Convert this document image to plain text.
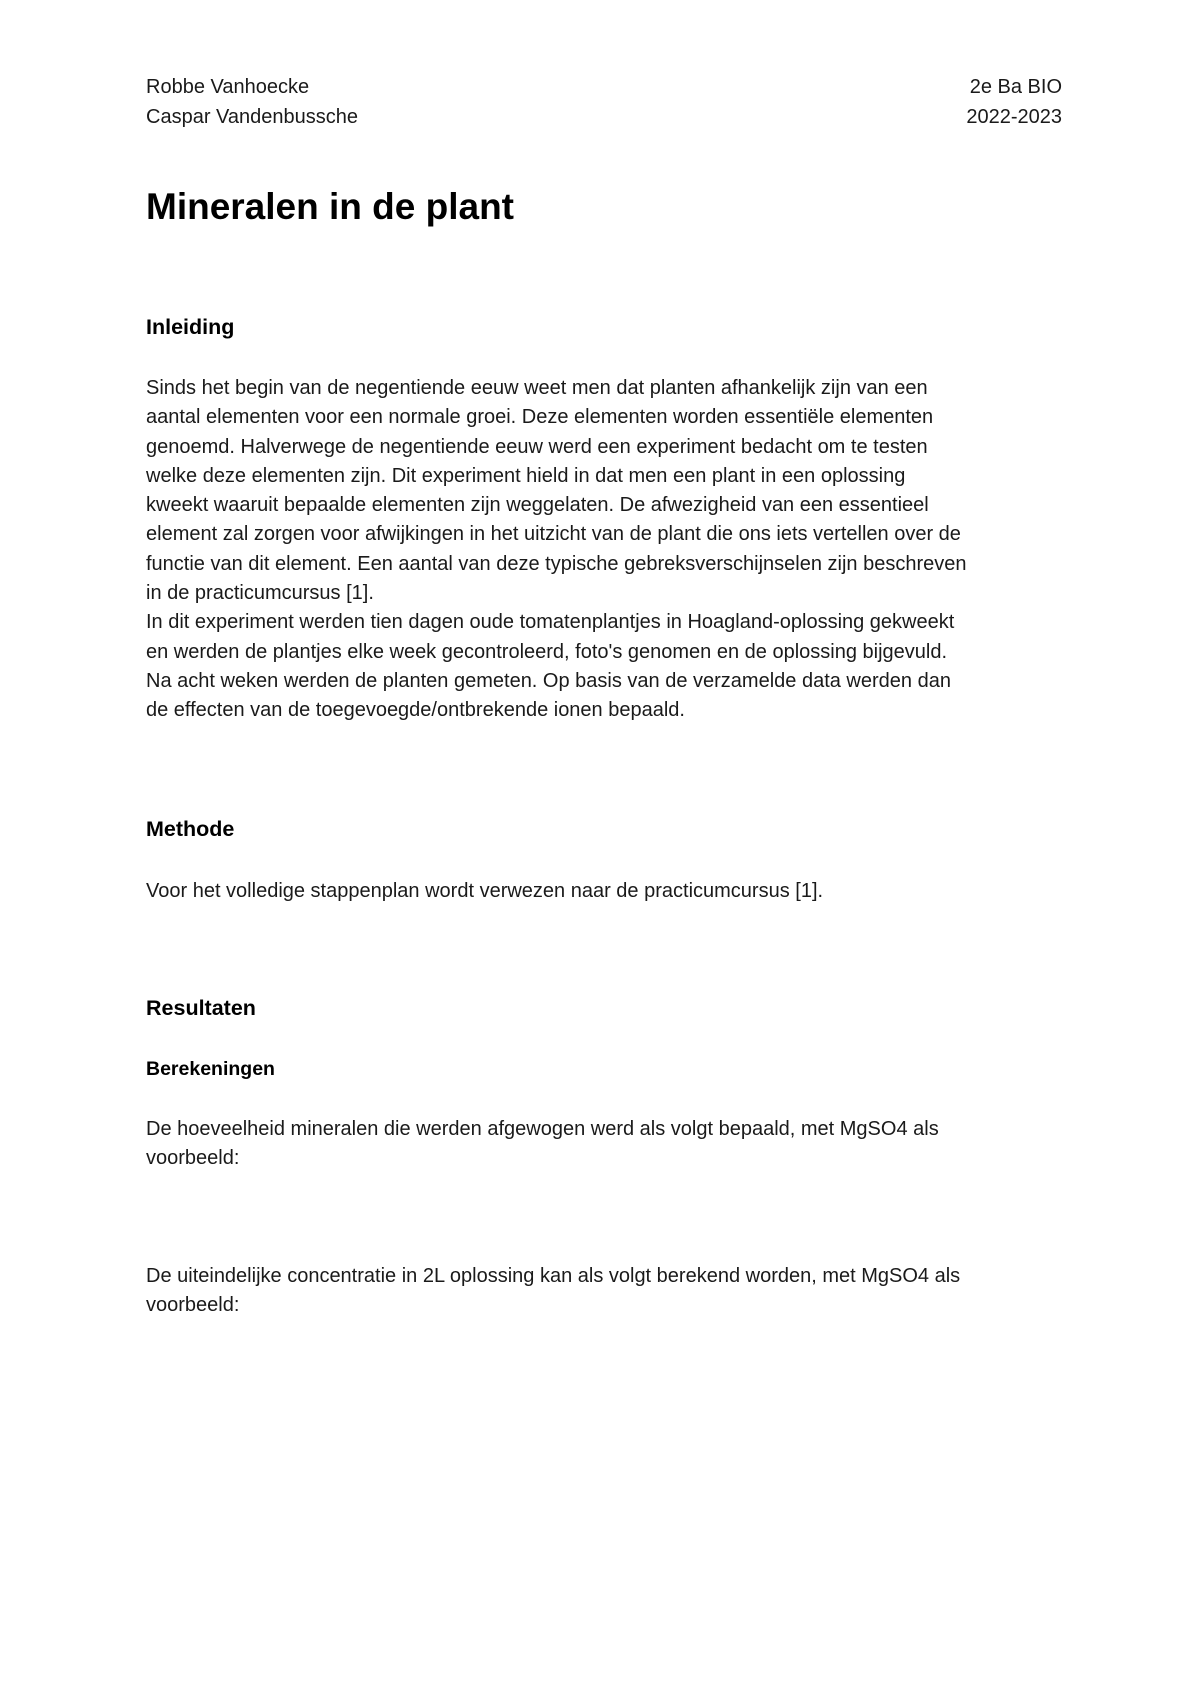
Robbe Vanhoecke
Caspar Vandenbussche
2e Ba BIO
2022-2023
Mineralen in de plant
Inleiding
Sinds het begin van de negentiende eeuw weet men dat planten afhankelijk zijn van een
aantal elementen voor een normale groei. Deze elementen worden essentiële elementen
genoemd. Halverwege de negentiende eeuw werd een experiment bedacht om te testen
welke deze elementen zijn. Dit experiment hield in dat men een plant in een oplossing
kweekt waaruit bepaalde elementen zijn weggelaten. De afwezigheid van een essentieel
element zal zorgen voor afwijkingen in het uitzicht van de plant die ons iets vertellen over de
functie van dit element. Een aantal van deze typische gebreksverschijnselen zijn beschreven
in de practicumcursus [1].
In dit experiment werden tien dagen oude tomatenplantjes in Hoagland-oplossing gekweekt
en werden de plantjes elke week gecontroleerd, foto's genomen en de oplossing bijgevuld.
Na acht weken werden de planten gemeten. Op basis van de verzamelde data werden dan
de effecten van de toegevoegde/ontbrekende ionen bepaald.
Methode
Voor het volledige stappenplan wordt verwezen naar de practicumcursus [1].
Resultaten
Berekeningen
De hoeveelheid mineralen die werden afgewogen werd als volgt bepaald, met MgSO4 als
voorbeeld:
De uiteindelijke concentratie in 2L oplossing kan als volgt berekend worden, met MgSO4 als
voorbeeld:
